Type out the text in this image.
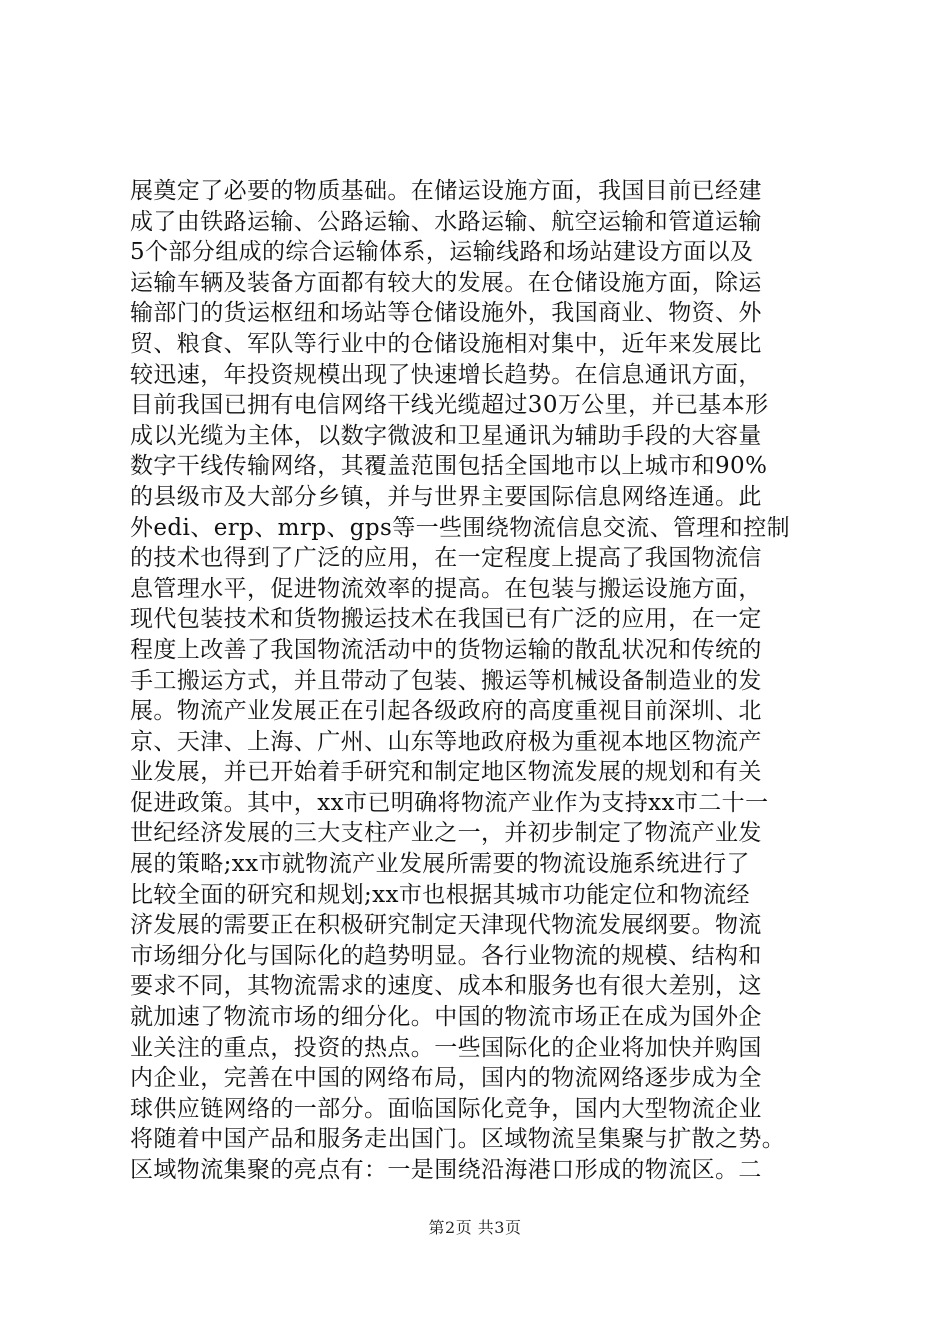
展奠定了必要的物质基础。在储运设施方面，我国目前已经建
成了由铁路运输、公路运输、水路运输、航空运输和管道运输
5个部分组成的综合运输体系，运输线路和场站建设方面以及
运输车辆及装备方面都有较大的发展。在仓储设施方面，除运
输部门的货运枢纽和场站等仓储设施外，我国商业、物资、外
贸、粮食、军队等行业中的仓储设施相对集中，近年来发展比
较迅速，年投资规模出现了快速增长趋势。在信息通讯方面，
目前我国已拥有电信网络干线光缆超过30万公里，并已基本形
成以光缆为主体，以数字微波和卫星通讯为辅助手段的大容量
数字干线传输网络，其覆盖范围包括全国地市以上城市和90%
的县级市及大部分乡镇，并与世界主要国际信息网络连通。此
外edi、erp、mrp、gps等一些围绕物流信息交流、管理和控制
的技术也得到了广泛的应用，在一定程度上提高了我国物流信
息管理水平，促进物流效率的提高。在包装与搬运设施方面，
现代包装技术和货物搬运技术在我国已有广泛的应用，在一定
程度上改善了我国物流活动中的货物运输的散乱状况和传统的
手工搬运方式，并且带动了包装、搬运等机械设备制造业的发
展。物流产业发展正在引起各级政府的高度重视目前深圳、北
京、天津、上海、广州、山东等地政府极为重视本地区物流产
业发展，并已开始着手研究和制定地区物流发展的规划和有关
促进政策。其中，xx市已明确将物流产业作为支持xx市二十一
世纪经济发展的三大支柱产业之一，并初步制定了物流产业发
展的策略;xx市就物流产业发展所需要的物流设施系统进行了
比较全面的研究和规划;xx市也根据其城市功能定位和物流经
济发展的需要正在积极研究制定天津现代物流发展纲要。物流
市场细分化与国际化的趋势明显。各行业物流的规模、结构和
要求不同，其物流需求的速度、成本和服务也有很大差别，这
就加速了物流市场的细分化。中国的物流市场正在成为国外企
业关注的重点，投资的热点。一些国际化的企业将加快并购国
内企业，完善在中国的网络布局，国内的物流网络逐步成为全
球供应链网络的一部分。面临国际化竞争，国内大型物流企业
将随着中国产品和服务走出国门。区域物流呈集聚与扩散之势。
区域物流集聚的亮点有：一是围绕沿海港口形成的物流区。二
第2页 共3页
